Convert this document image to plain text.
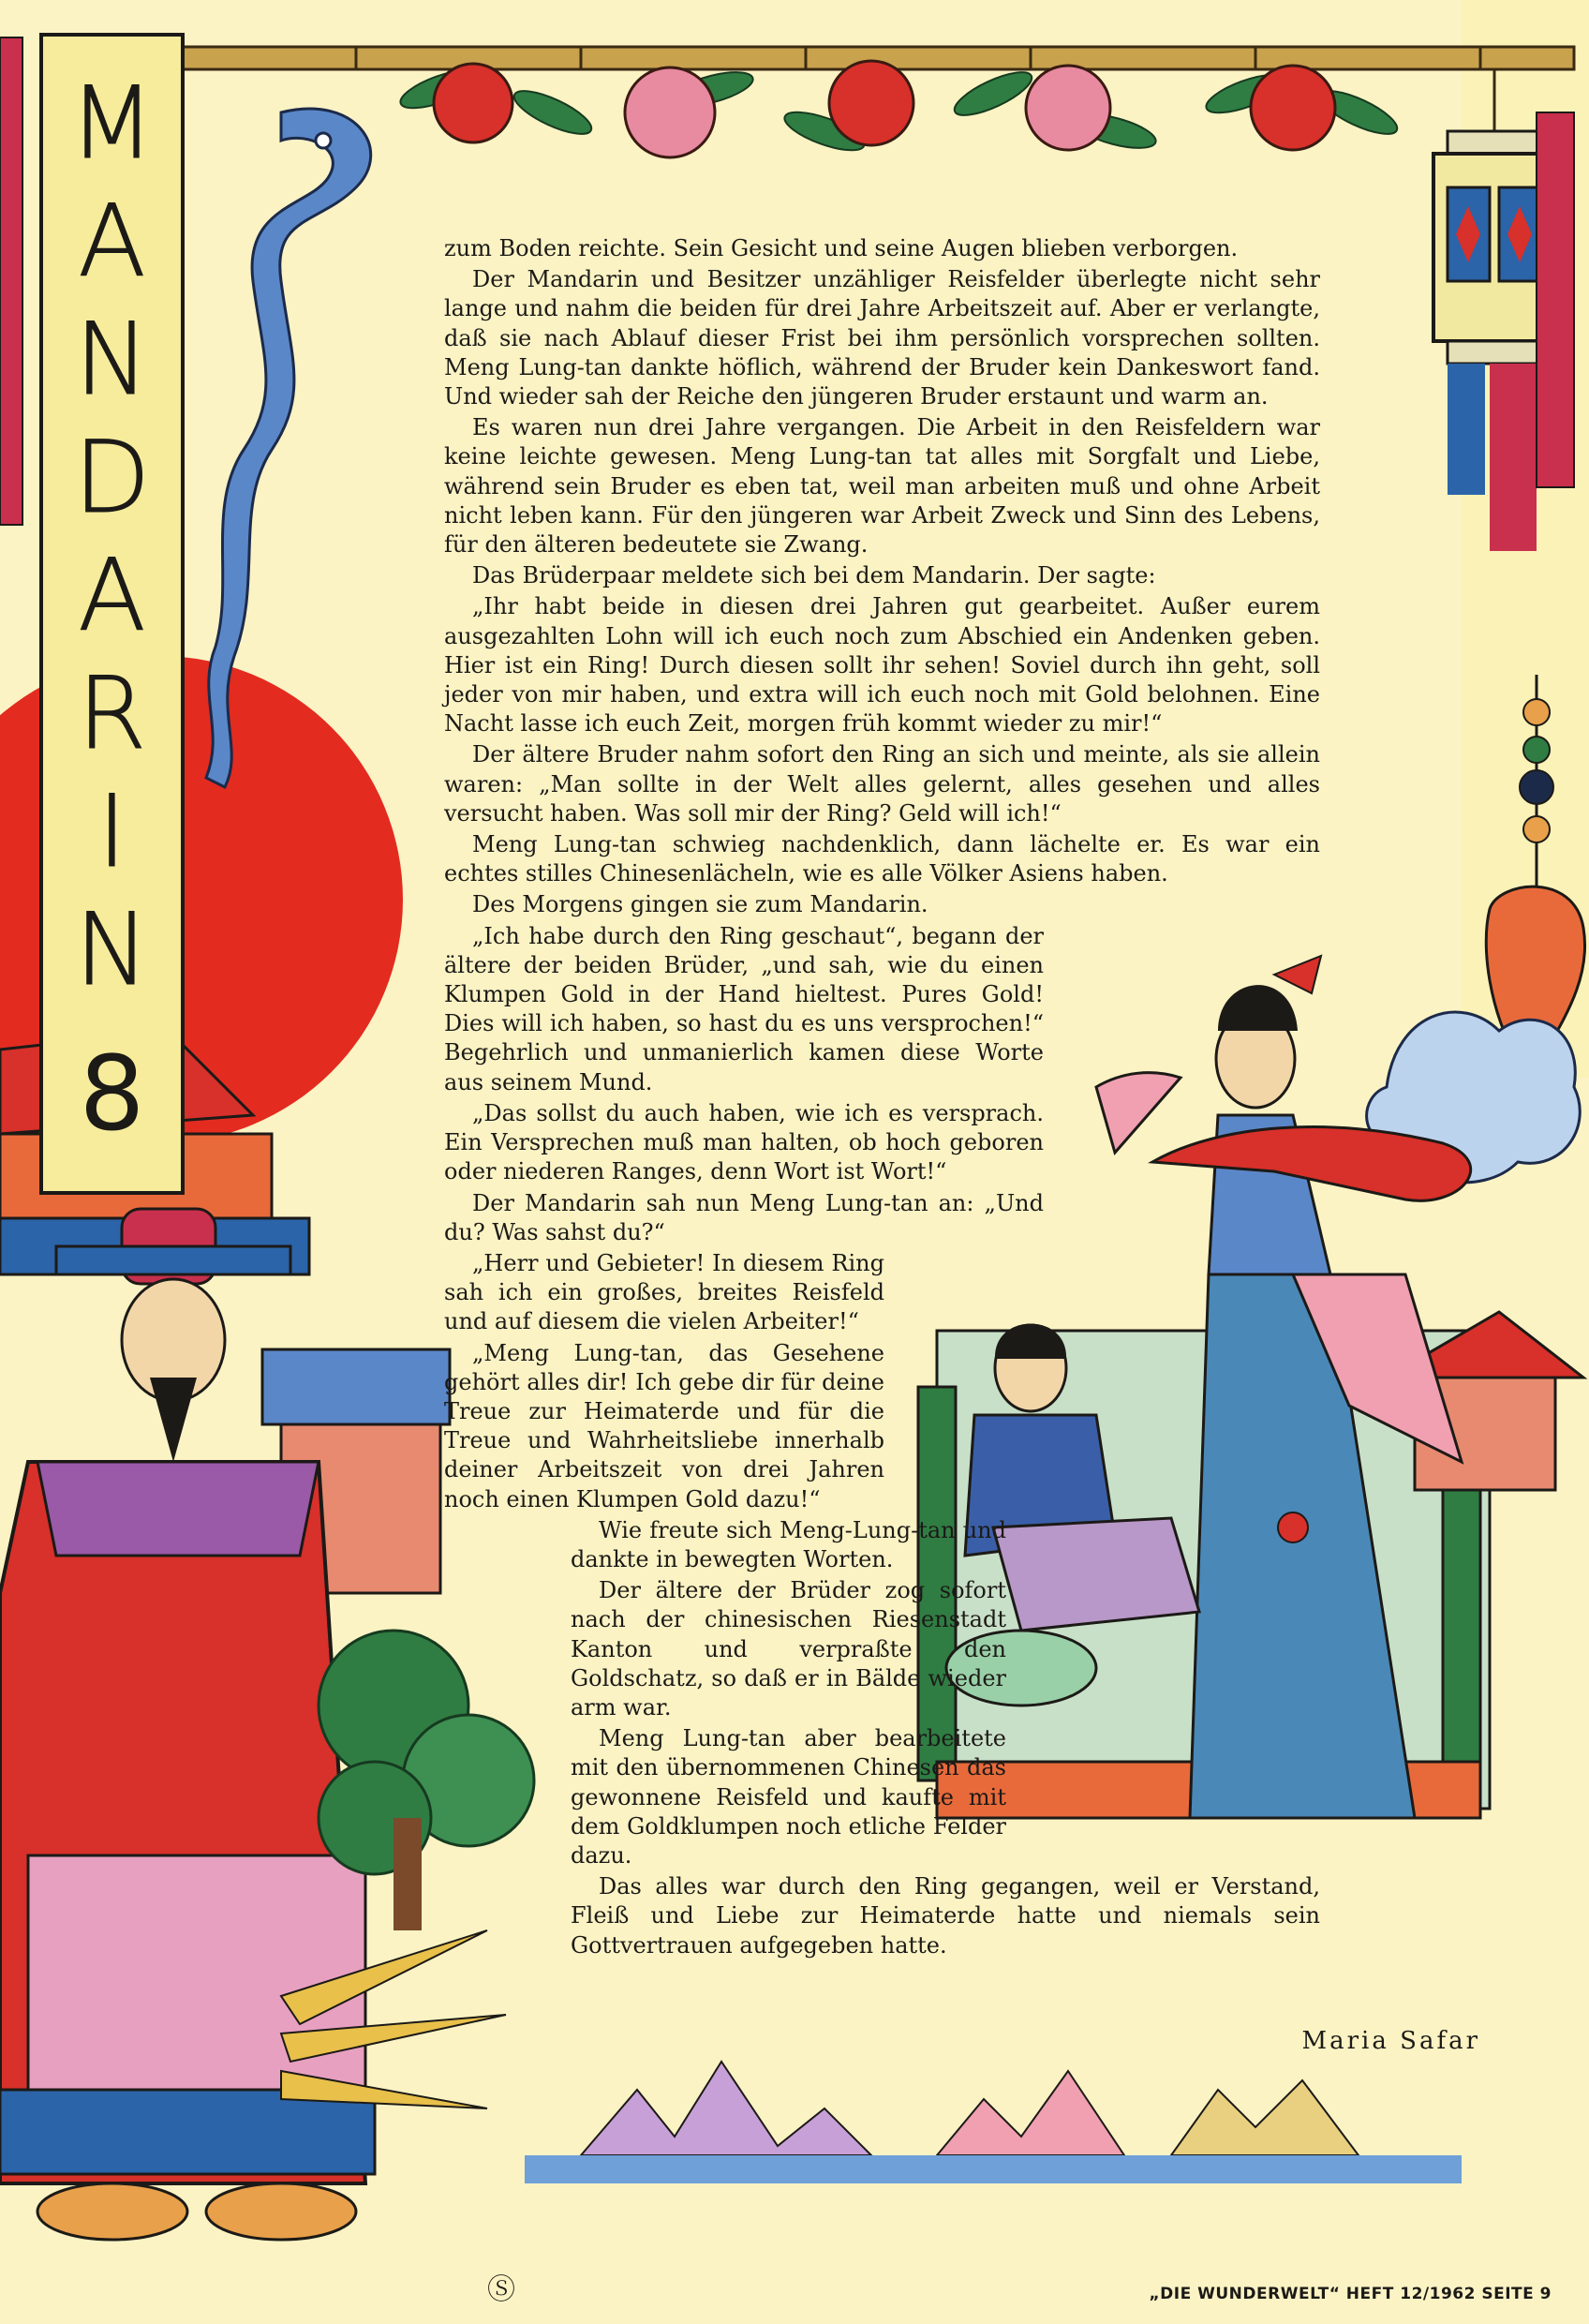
M
A
N
D
A
R
I
N
8

zum Boden reichte. Sein Gesicht und seine Augen blieben verborgen.

Der Mandarin und Besitzer unzähliger Reisfelder überlegte nicht sehr lange und nahm die beiden für drei Jahre Arbeitszeit auf. Aber er verlangte, daß sie nach Ablauf dieser Frist bei ihm persönlich vorsprechen sollten. Meng Lung-tan dankte höflich, während der Bruder kein Dankeswort fand. Und wieder sah der Reiche den jüngeren Bruder erstaunt und warm an.

Es waren nun drei Jahre vergangen. Die Arbeit in den Reisfeldern war keine leichte gewesen. Meng Lung-tan tat alles mit Sorgfalt und Liebe, während sein Bruder es eben tat, weil man arbeiten muß und ohne Arbeit nicht leben kann. Für den jüngeren war Arbeit Zweck und Sinn des Lebens, für den älteren bedeutete sie Zwang.

Das Brüderpaar meldete sich bei dem Mandarin. Der sagte:

„Ihr habt beide in diesen drei Jahren gut gearbeitet. Außer eurem ausgezahlten Lohn will ich euch noch zum Abschied ein Andenken geben. Hier ist ein Ring! Durch diesen sollt ihr sehen! Soviel durch ihn geht, soll jeder von mir haben, und extra will ich euch noch mit Gold belohnen. Eine Nacht lasse ich euch Zeit, morgen früh kommt wieder zu mir!“

Der ältere Bruder nahm sofort den Ring an sich und meinte, als sie allein waren: „Man sollte in der Welt alles gelernt, alles gesehen und alles versucht haben. Was soll mir der Ring? Geld will ich!“

Meng Lung-tan schwieg nachdenklich, dann lächelte er. Es war ein echtes stilles Chinesenlächeln, wie es alle Völker Asiens haben.

Des Morgens gingen sie zum Mandarin.

„Ich habe durch den Ring geschaut“, begann der ältere der beiden Brüder, „und sah, wie du einen Klumpen Gold in der Hand hieltest. Pures Gold! Dies will ich haben, so hast du es uns versprochen!“ Begehrlich und unmanierlich kamen diese Worte aus seinem Mund.

„Das sollst du auch haben, wie ich es versprach. Ein Versprechen muß man halten, ob hoch geboren oder niederen Ranges, denn Wort ist Wort!“

Der Mandarin sah nun Meng Lung-tan an: „Und du? Was sahst du?“

„Herr und Gebieter! In diesem Ring sah ich ein großes, breites Reisfeld und auf diesem die vielen Arbeiter!“

„Meng Lung-tan, das Gesehene gehört alles dir! Ich gebe dir für deine Treue zur Heimaterde und für die Treue und Wahrheitsliebe innerhalb deiner Arbeitszeit von drei Jahren noch einen Klumpen Gold dazu!“

Wie freute sich Meng-Lung-tan und dankte in bewegten Worten.

Der ältere der Brüder zog sofort nach der chinesischen Riesenstadt Kanton und verpraßte den Goldschatz, so daß er in Bälde wieder arm war.

Meng Lung-tan aber bearbeitete mit den übernommenen Chinesen das gewonnene Reisfeld und kaufte mit dem Goldklumpen noch etliche Felder dazu.

Das alles war durch den Ring gegangen, weil er Verstand, Fleiß und Liebe zur Heimaterde hatte und niemals sein Gottvertrauen aufgegeben hatte.

Maria Safar
Ⓢ	„DIE WUNDERWELT“ HEFT 12/1962 SEITE 9
